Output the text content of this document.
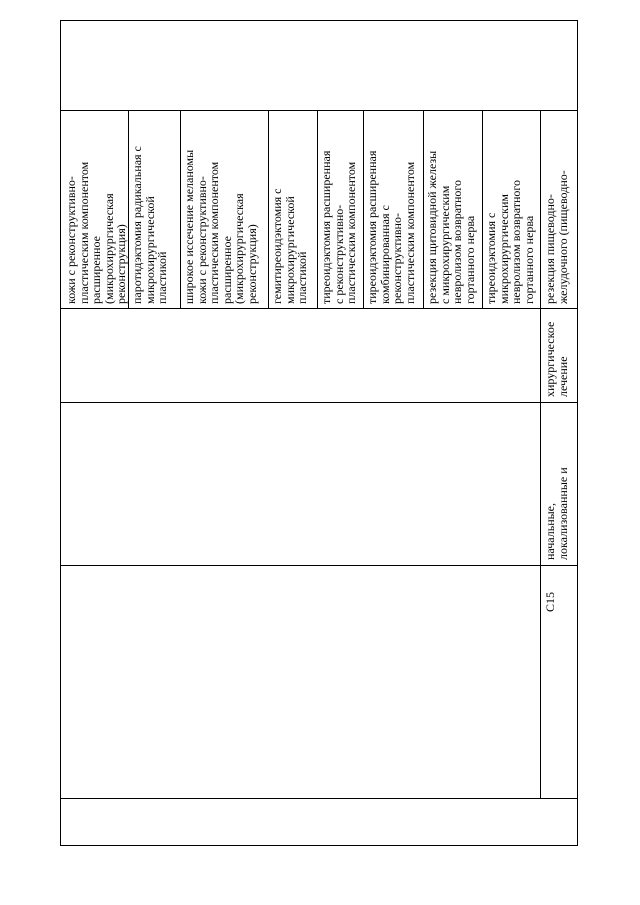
C15
начальные,
локализованные и
хирургическое
лечение
кожи с реконструктивно-
пластическим компонентом
расширенное
(микрохирургическая
реконструкция) паротидэктомия радикальная с
микрохирургической
пластикой широкое иссечение меланомы
кожи с реконструктивно-
пластическим компонентом
расширенное
(микрохирургическая
реконструкция) гемитиреоидэктомия с
микрохирургической
пластикой тиреоидэктомия расширенная
с реконструктивно-
пластическим компонентом тиреоидэктомия расширенная
комбинированная с
реконструктивно-
пластическим компонентом резекция щитовидной железы
с микрохирургическим
невролизом возвратного
гортанного нерва тиреоидэктомия с
микрохирургическим
невролизом возвратного
гортанного нерва резекция пищеводно-
желудочного (пищеводно-
